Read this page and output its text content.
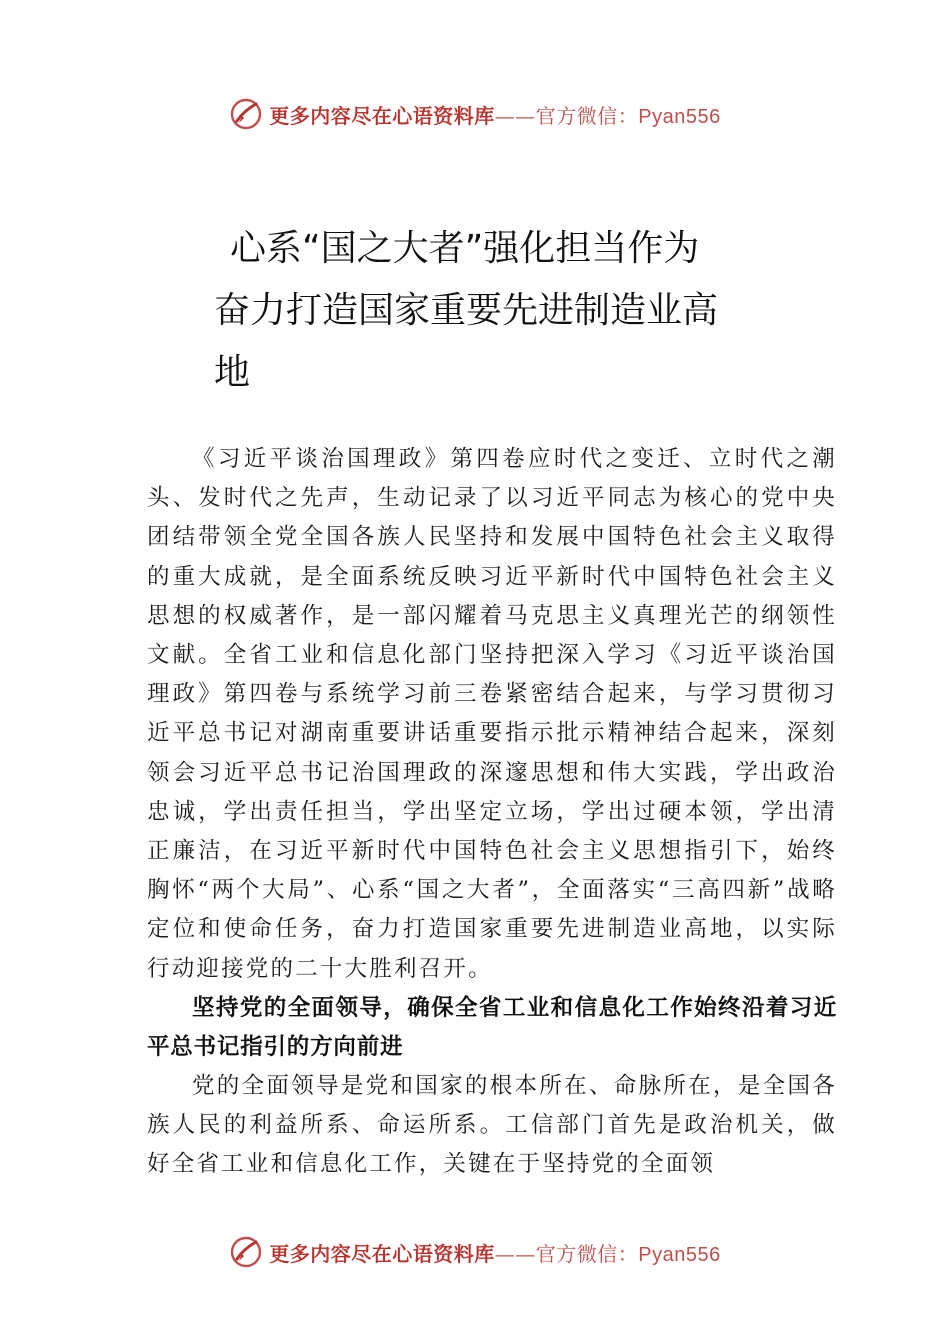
更多内容尽在心语资料库——官方微信：Pyan556
心系“国之大者”强化担当作为
奋力打造国家重要先进制造业高地

《习近平谈治国理政》第四卷应时代之变迁、立时代之潮头、发时代之先声，生动记录了以习近平同志为核心的党中央团结带领全党全国各族人民坚持和发展中国特色社会主义取得的重大成就，是全面系统反映习近平新时代中国特色社会主义思想的权威著作，是一部闪耀着马克思主义真理光芒的纲领性文献。全省工业和信息化部门坚持把深入学习《习近平谈治国理政》第四卷与系统学习前三卷紧密结合起来，与学习贯彻习近平总书记对湖南重要讲话重要指示批示精神结合起来，深刻领会习近平总书记治国理政的深邃思想和伟大实践，学出政治忠诚，学出责任担当，学出坚定立场，学出过硬本领，学出清正廉洁，在习近平新时代中国特色社会主义思想指引下，始终胸怀“两个大局”、心系“国之大者”，全面落实“三高四新”战略定位和使命任务，奋力打造国家重要先进制造业高地，以实际行动迎接党的二十大胜利召开。

坚持党的全面领导，确保全省工业和信息化工作始终沿着习近平总书记指引的方向前进

党的全面领导是党和国家的根本所在、命脉所在，是全国各族人民的利益所系、命运所系。工信部门首先是政治机关，做好全省工业和信息化工作，关键在于坚持党的全面领

更多内容尽在心语资料库——官方微信：Pyan556
